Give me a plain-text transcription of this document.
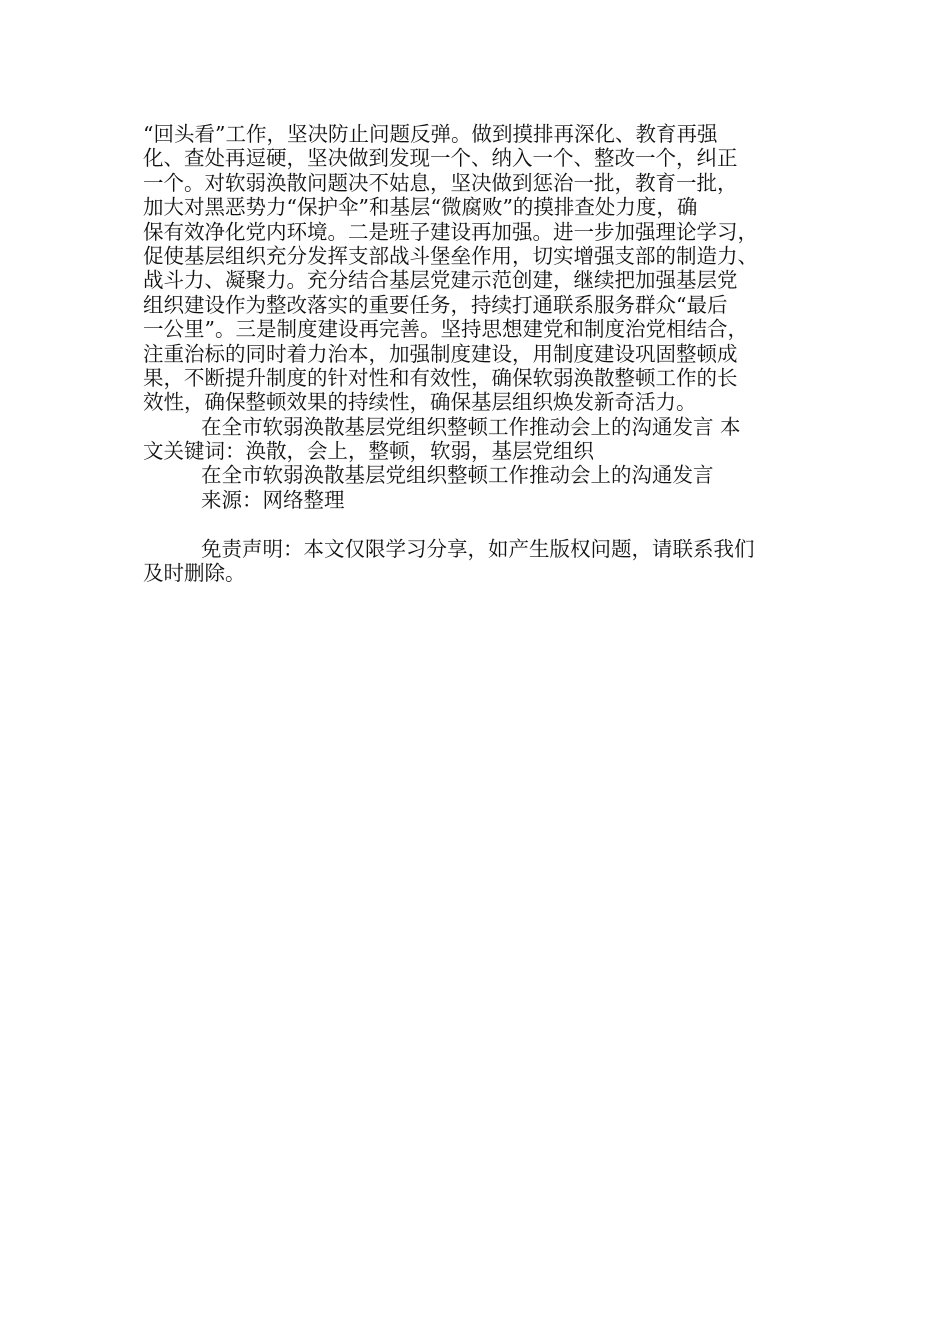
“回头看”工作，坚决防止问题反弹。做到摸排再深化、教育再强
化、查处再逗硬，坚决做到发现一个、纳入一个、整改一个，纠正
一个。对软弱涣散问题决不姑息，坚决做到惩治一批，教育一批，
加大对黑恶势力“保护伞”和基层“微腐败”的摸排查处力度，确
保有效净化党内环境。二是班子建设再加强。进一步加强理论学习，
促使基层组织充分发挥支部战斗堡垒作用，切实增强支部的制造力、
战斗力、凝聚力。充分结合基层党建示范创建，继续把加强基层党
组织建设作为整改落实的重要任务，持续打通联系服务群众“最后
一公里”。三是制度建设再完善。坚持思想建党和制度治党相结合，
注重治标的同时着力治本，加强制度建设，用制度建设巩固整顿成
果，不断提升制度的针对性和有效性，确保软弱涣散整顿工作的长
效性，确保整顿效果的持续性，确保基层组织焕发新奇活力。
在全市软弱涣散基层党组织整顿工作推动会上的沟通发言 本
文关键词：涣散，会上，整顿，软弱，基层党组织
在全市软弱涣散基层党组织整顿工作推动会上的沟通发言
来源：网络整理
免责声明：本文仅限学习分享，如产生版权问题，请联系我们
及时删除。
